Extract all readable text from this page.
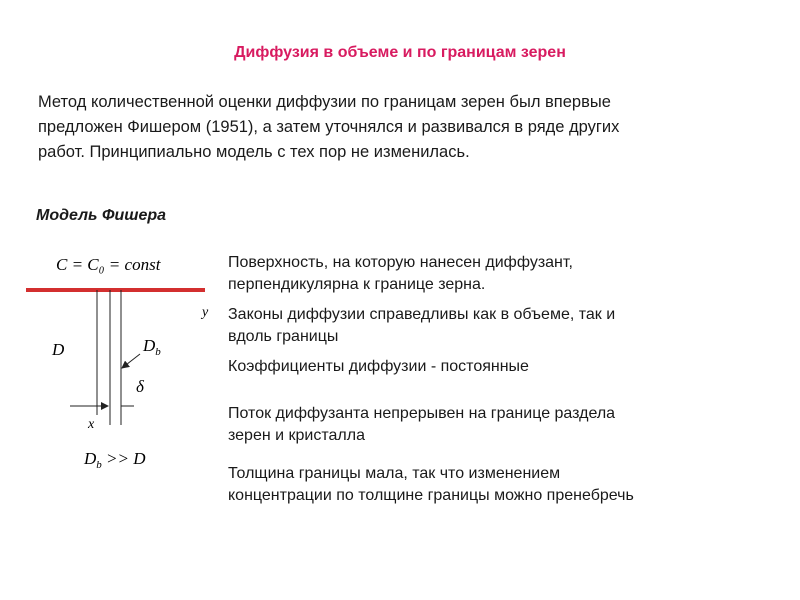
Диффузия в объеме и по границам зерен
Метод количественной оценки диффузии по границам зерен был впервые
предложен Фишером (1951), а затем уточнялся и развивался в ряде других
работ. Принципиально модель с тех пор не изменилась.
Модель Фишера
C = C₀ = const
y
D	$D_b$
δ
x
$D_b >> D$
Поверхность, на которую нанесен диффузант,
перпендикулярна к границе зерна.
Законы диффузии справедливы как в объеме, так и
вдоль границы
Коэффициенты диффузии - постоянные
Поток диффузанта непрерывен на границе раздела
зерен и кристалла
Толщина границы мала, так что изменением
концентрации по толщине границы можно пренебречь
